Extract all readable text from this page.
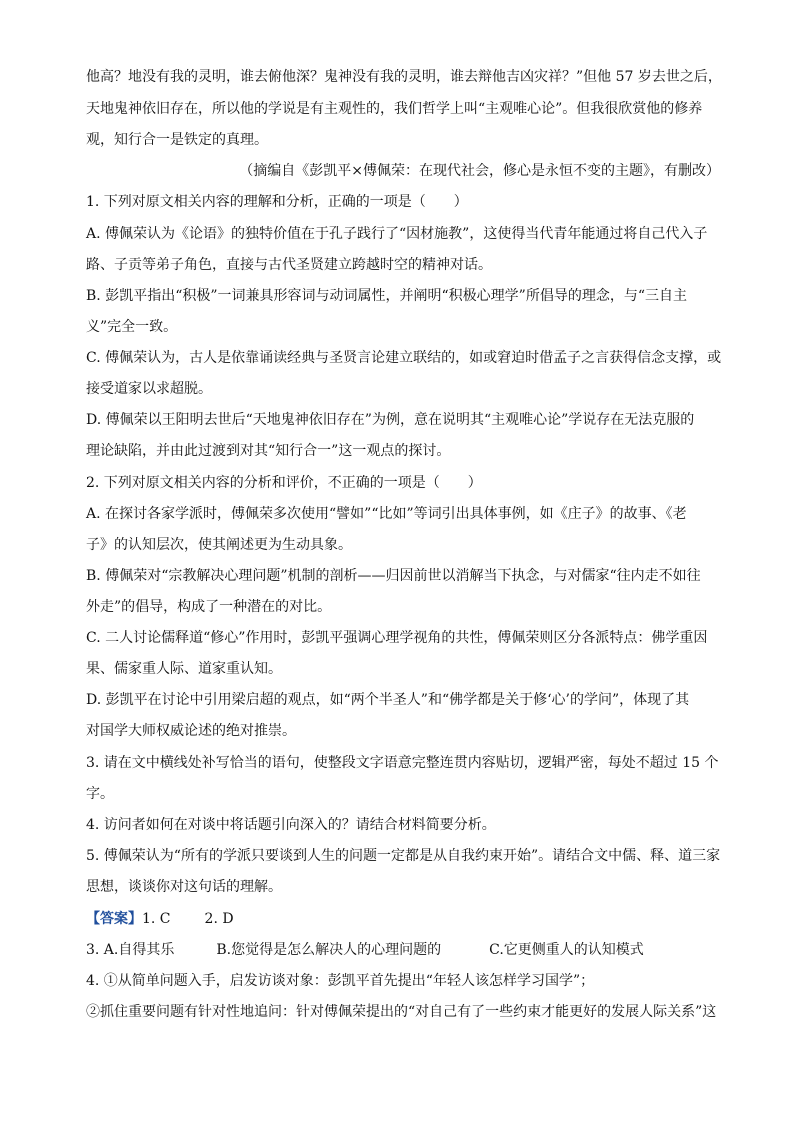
他高？地没有我的灵明，谁去俯他深？鬼神没有我的灵明，谁去辩他吉凶灾祥？”但他 57 岁去世之后，
天地鬼神依旧存在，所以他的学说是有主观性的，我们哲学上叫“主观唯心论”。但我很欣赏他的修养
观，知行合一是铁定的真理。
（摘编自《彭凯平×傅佩荣：在现代社会，修心是永恒不变的主题》，有删改）
1. 下列对原文相关内容的理解和分析，正确的一项是（　　）
A. 傅佩荣认为《论语》的独特价值在于孔子践行了“因材施教”，这使得当代青年能通过将自己代入子
路、子贡等弟子角色，直接与古代圣贤建立跨越时空的精神对话。
B. 彭凯平指出“积极”一词兼具形容词与动词属性，并阐明“积极心理学”所倡导的理念，与“三自主
义”完全一致。
C. 傅佩荣认为，古人是依靠诵读经典与圣贤言论建立联结的，如或窘迫时借孟子之言获得信念支撑，或
接受道家以求超脱。
D. 傅佩荣以王阳明去世后“天地鬼神依旧存在”为例，意在说明其“主观唯心论”学说存在无法克服的
理论缺陷，并由此过渡到对其“知行合一”这一观点的探讨。
2. 下列对原文相关内容的分析和评价，不正确的一项是（　　）
A. 在探讨各家学派时，傅佩荣多次使用“譬如”“比如”等词引出具体事例，如《庄子》的故事、《老
子》的认知层次，使其阐述更为生动具象。
B. 傅佩荣对“宗教解决心理问题”机制的剖析——归因前世以消解当下执念，与对儒家“往内走不如往
外走”的倡导，构成了一种潜在的对比。
C. 二人讨论儒释道“修心”作用时，彭凯平强调心理学视角的共性，傅佩荣则区分各派特点：佛学重因
果、儒家重人际、道家重认知。
D. 彭凯平在讨论中引用梁启超的观点，如“两个半圣人”和“佛学都是关于修‘心’的学问”，体现了其
对国学大师权威论述的绝对推崇。
3. 请在文中横线处补写恰当的语句，使整段文字语意完整连贯内容贴切，逻辑严密，每处不超过 15 个
字。
4. 访问者如何在对谈中将话题引向深入的？请结合材料简要分析。
5. 傅佩荣认为“所有的学派只要谈到人生的问题一定都是从自我约束开始”。请结合文中儒、释、道三家
思想，谈谈你对这句话的理解。
【答案】1. C 2. D
3. A.自得其乐	B.您觉得是怎么解决人的心理问题的	C.它更侧重人的认知模式
4. ①从简单问题入手，启发访谈对象：彭凯平首先提出“年轻人该怎样学习国学”；
②抓住重要问题有针对性地追问：针对傅佩荣提出的“对自己有了一些约束才能更好的发展人际关系”这
